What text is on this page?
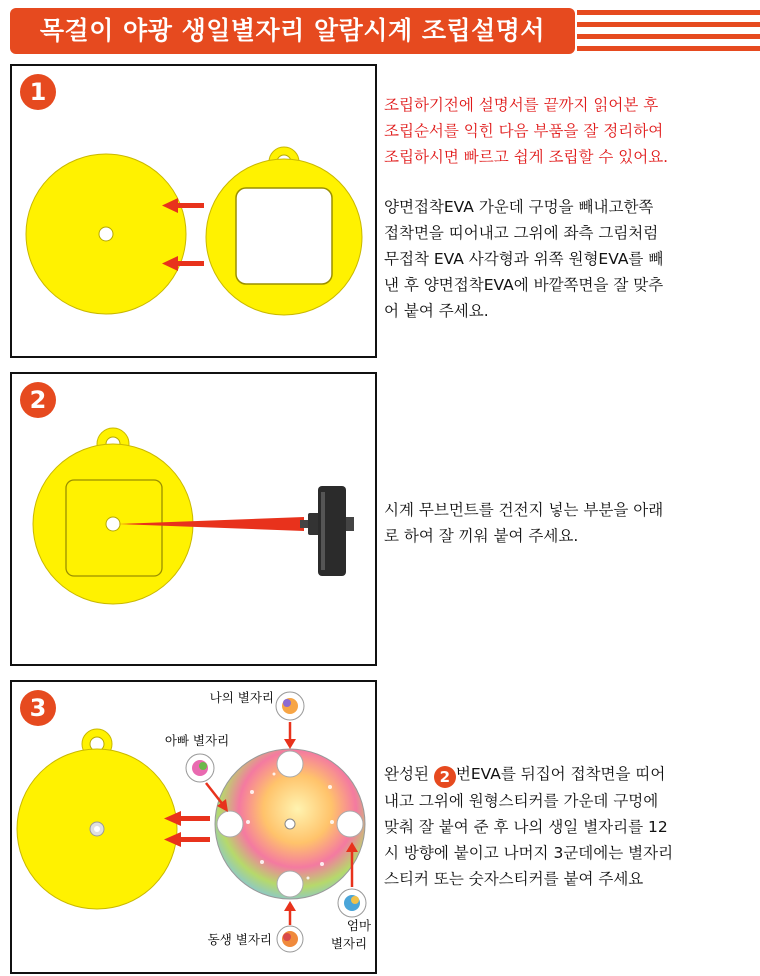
목걸이 야광 생일별자리 알람시계 조립설명서
1	조립하기전에 설명서를 끝까지 읽어본 후
조립순서를 익힌 다음 부품을 잘 정리하여
조립하시면 빠르고 쉽게 조립할 수 있어요.
양면접착EVA 가운데 구멍을 빼내고한쪽
접착면을 띠어내고 그위에 좌측 그림처럼
무접착 EVA 사각형과 위쪽 원형EVA를 빼
낸 후 양면접착EVA에 바깥쪽면을 잘 맞추
어 붙여 주세요.
2
시계 무브먼트를 건전지 넣는 부분을 아래
로 하여 잘 끼워 붙여 주세요.
3	나의 별자리
아빠 별자리
엄마
별자리
동생 별자리
완성된 2 번EVA를 뒤집어 접착면을 띠어
내고 그위에 원형스티커를 가운데 구멍에
맞춰 잘 붙여 준 후 나의 생일 별자리를 12
시 방향에 붙이고 나머지 3군데에는 별자리
스티커 또는 숫자스티커를 붙여 주세요
